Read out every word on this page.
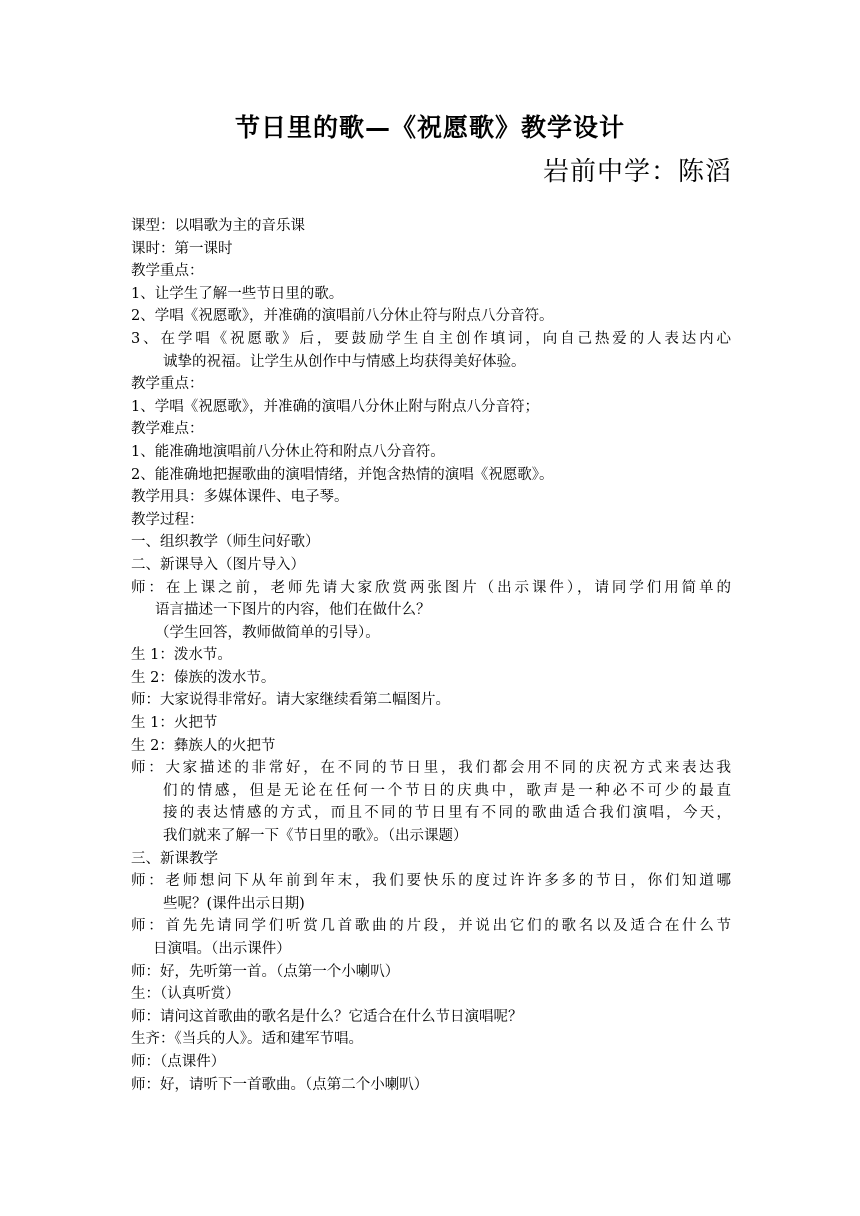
节日里的歌—《祝愿歌》教学设计
岩前中学：陈滔
课型：以唱歌为主的音乐课
课时：第一课时
教学重点：
1、让学生了解一些节日里的歌。
2、学唱《祝愿歌》，并准确的演唱前八分休止符与附点八分音符。
3、在学唱《祝愿歌》后，要鼓励学生自主创作填词，向自己热爱的人表达内心
诚挚的祝福。让学生从创作中与情感上均获得美好体验。
教学重点：
1、学唱《祝愿歌》，并准确的演唱八分休止附与附点八分音符；
教学难点：
1、能准确地演唱前八分休止符和附点八分音符。
2、能准确地把握歌曲的演唱情绪，并饱含热情的演唱《祝愿歌》。
教学用具：多媒体课件、电子琴。
教学过程：
一、组织教学（师生问好歌）
二、新课导入（图片导入）
师：在上课之前，老师先请大家欣赏两张图片（出示课件），请同学们用简单的
语言描述一下图片的内容，他们在做什么？
（学生回答，教师做简单的引导）。
生 1：泼水节。
生 2：傣族的泼水节。
师：大家说得非常好。请大家继续看第二幅图片。
生 1：火把节
生 2：彝族人的火把节
师：大家描述的非常好，在不同的节日里，我们都会用不同的庆祝方式来表达我
们的情感，但是无论在任何一个节日的庆典中，歌声是一种必不可少的最直
接的表达情感的方式，而且不同的节日里有不同的歌曲适合我们演唱，今天，
我们就来了解一下《节日里的歌》。（出示课题）
三、新课教学
师：老师想问下从年前到年末，我们要快乐的度过许许多多的节日，你们知道哪
些呢？(课件出示日期)
师：首先先请同学们听赏几首歌曲的片段，并说出它们的歌名以及适合在什么节
日演唱。（出示课件）
师：好，先听第一首。（点第一个小喇叭）
生：（认真听赏）
师：请问这首歌曲的歌名是什么？它适合在什么节日演唱呢？
生齐：《当兵的人》。适和建军节唱。
师：（点课件）
师：好，请听下一首歌曲。（点第二个小喇叭）
